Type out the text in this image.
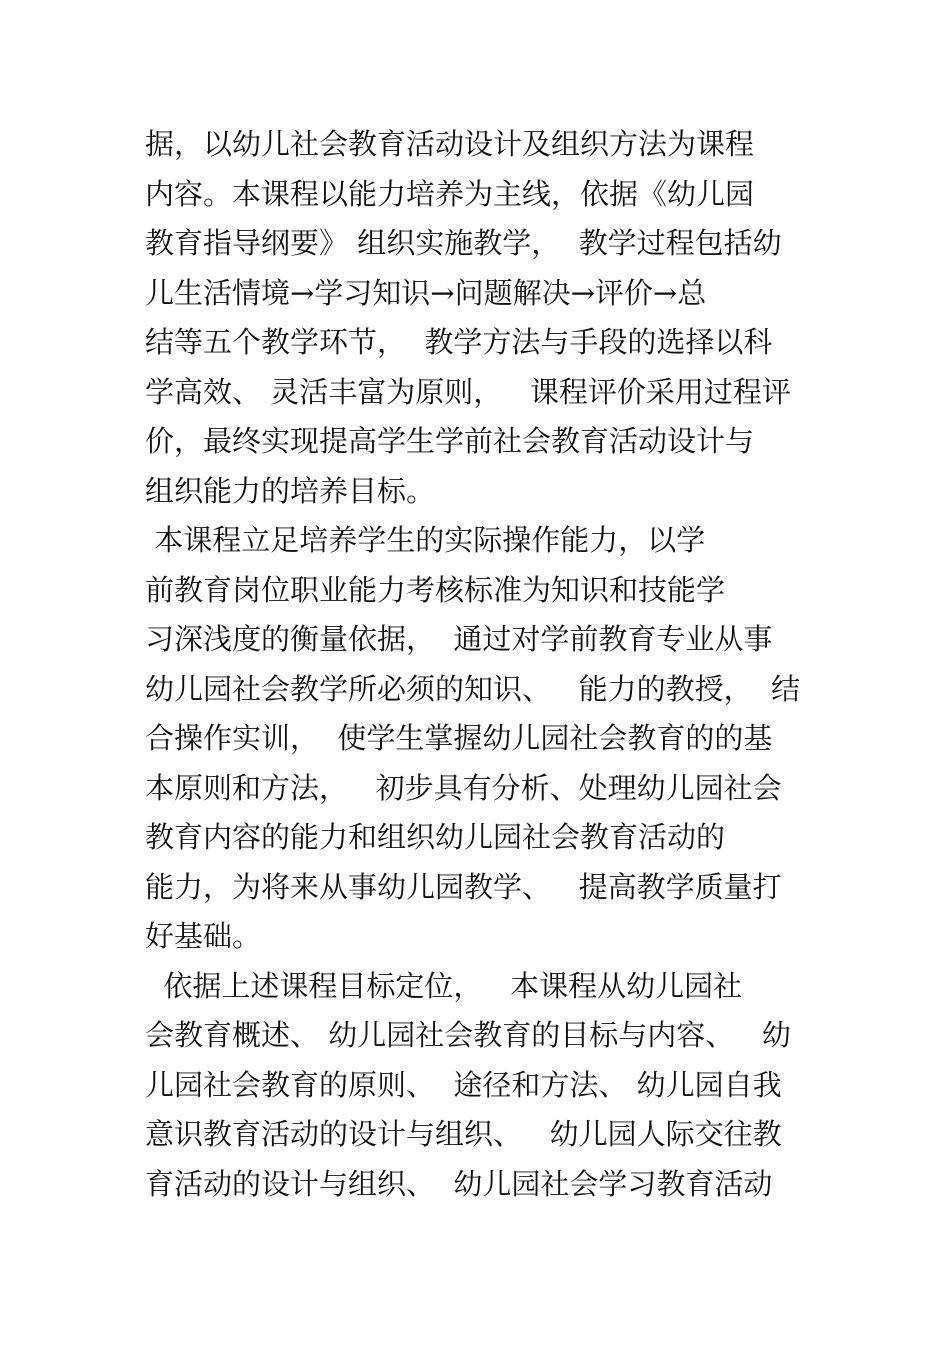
据，以幼儿社会教育活动设计及组织方法为课程
内容。本课程以能力培养为主线，依据《幼儿园
教育指导纲要》 组织实施教学，  教学过程包括幼
儿生活情境→学习知识→问题解决→评价→总
结等五个教学环节，  教学方法与手段的选择以科
学高效、 灵活丰富为原则，   课程评价采用过程评
价，最终实现提高学生学前社会教育活动设计与
组织能力的培养目标。
本课程立足培养学生的实际操作能力，以学
前教育岗位职业能力考核标准为知识和技能学
习深浅度的衡量依据，  通过对学前教育专业从事
幼儿园社会教学所必须的知识、   能力的教授，  结
合操作实训，  使学生掌握幼儿园社会教育的的基
本原则和方法，   初步具有分析、处理幼儿园社会
教育内容的能力和组织幼儿园社会教育活动的
能力，为将来从事幼儿园教学、   提高教学质量打
好基础。
依据上述课程目标定位，   本课程从幼儿园社
会教育概述、 幼儿园社会教育的目标与内容、   幼
儿园社会教育的原则、  途径和方法、 幼儿园自我
意识教育活动的设计与组织、   幼儿园人际交往教
育活动的设计与组织、  幼儿园社会学习教育活动
